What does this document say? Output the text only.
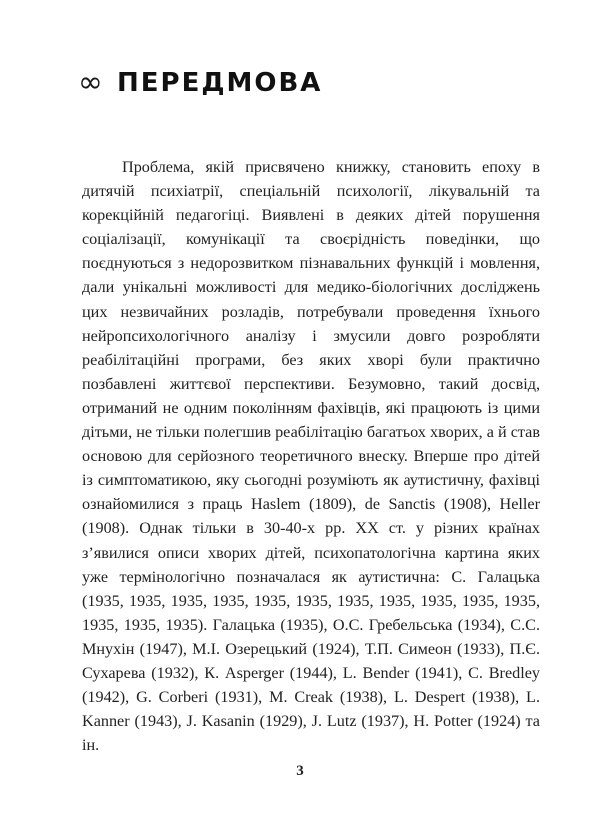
∞ ПЕРЕДМОВА

Проблема, якій присвячено книжку, становить епоху в дитячій психіатрії, спеціальній психології, лікувальній та корекційній педагогіці. Виявлені в деяких дітей порушення соціалізації, комунікації та своєрідність поведінки, що поєднуються з недорозвитком пізнавальних функцій і мовлення, дали унікальні можливості для медико-біологічних досліджень цих незвичайних розладів, потребували проведення їхнього нейропсихологічного аналізу і змусили довго розробляти реабілітаційні програми, без яких хворі були практично позбавлені життєвої перспективи. Безумовно, такий досвід, отриманий не одним поколінням фахівців, які працюють із цими дітьми, не тільки полегшив реабілітацію багатьох хворих, а й став основою для серйозного теоретичного внеску. Вперше про дітей із симптоматикою, яку сьогодні розуміють як аутистичну, фахівці ознайомилися з праць Haslem (1809), de Sanctis (1908), Heller (1908). Однак тільки в 30-40-х рр. XX ст. у різних країнах з’явилися описи хворих дітей, психопатологічна картина яких уже термінологічно позначалася як аутистична: С. Галацька (1935, 1935, 1935, 1935, 1935, 1935, 1935, 1935, 1935, 1935, 1935, 1935, 1935, 1935). Галацька (1935), О.С. Гребельська (1934), С.С. Мнухін (1947), М.І. Озерецький (1924), Т.П. Симеон (1933), П.Є. Сухарева (1932), К. Asperger (1944), L. Bender (1941), C. Bredley (1942), G. Corberi (1931), M. Creak (1938), L. Despert (1938), L. Kanner (1943), J. Kasanin (1929), J. Lutz (1937), H. Potter (1924) та ін.

3
